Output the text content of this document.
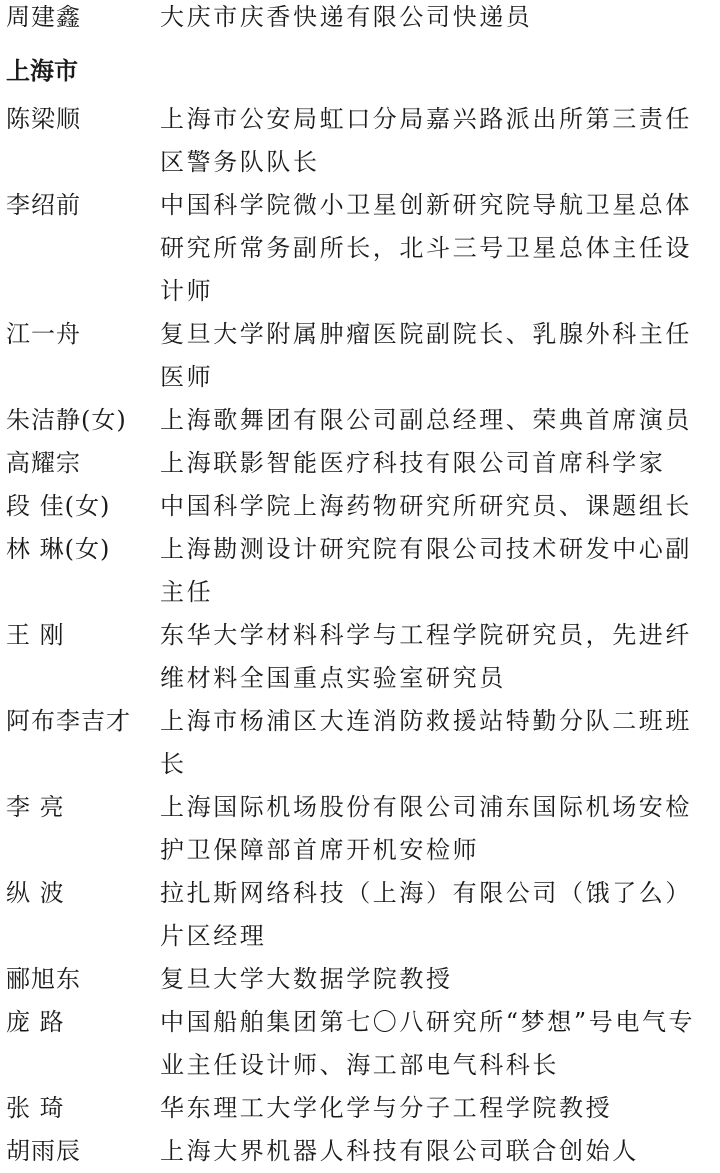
周建鑫	大庆市庆香快递有限公司快递员
上海市
陈梁顺	上海市公安局虹口分局嘉兴路派出所第三责任区警务队队长
李绍前	中国科学院微小卫星创新研究院导航卫星总体研究所常务副所长，北斗三号卫星总体主任设计师
江一舟	复旦大学附属肿瘤医院副院长、乳腺外科主任医师
朱洁静(女)	上海歌舞团有限公司副总经理、荣典首席演员
高耀宗	上海联影智能医疗科技有限公司首席科学家
段 佳(女)	中国科学院上海药物研究所研究员、课题组长
林 琳(女)	上海勘测设计研究院有限公司技术研发中心副主任
王 刚	东华大学材料科学与工程学院研究员，先进纤维材料全国重点实验室研究员
阿布李吉才	上海市杨浦区大连消防救援站特勤分队二班班长
李 亮	上海国际机场股份有限公司浦东国际机场安检护卫保障部首席开机安检师
纵 波	拉扎斯网络科技（上海）有限公司（饿了么）片区经理
郦旭东	复旦大学大数据学院教授
庞 路	中国船舶集团第七〇八研究所“梦想”号电气专业主任设计师、海工部电气科科长
张 琦	华东理工大学化学与分子工程学院教授
胡雨辰	上海大界机器人科技有限公司联合创始人
